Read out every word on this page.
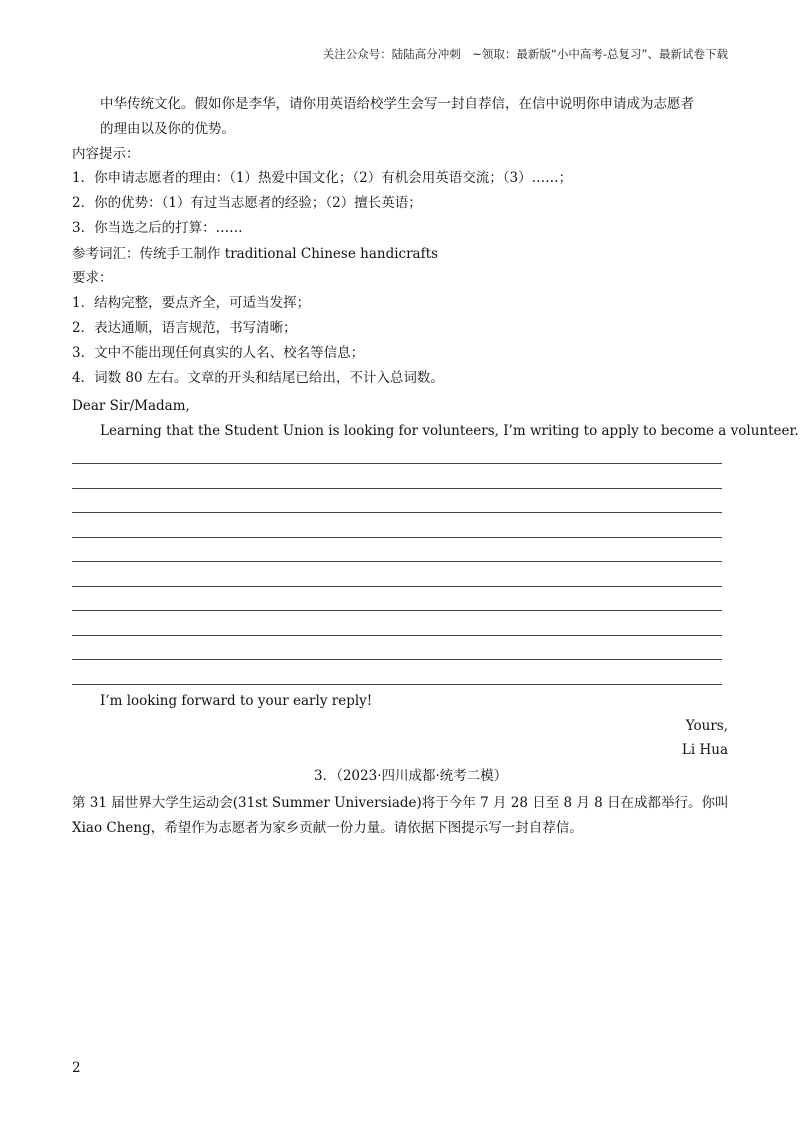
关注公众号：陆陆高分冲刺　~领取：最新版“小中高考-总复习”、最新试卷下载
中华传统文化。假如你是李华，请你用英语给校学生会写一封自荐信，在信中说明你申请成为志愿者
的理由以及你的优势。
内容提示：
1．你申请志愿者的理由：（1）热爱中国文化；（2）有机会用英语交流；（3）……；
2．你的优势：（1）有过当志愿者的经验；（2）擅长英语；
3．你当选之后的打算：……
参考词汇：传统手工制作 traditional Chinese handicrafts
要求：
1．结构完整，要点齐全，可适当发挥；
2．表达通顺，语言规范，书写清晰；
3．文中不能出现任何真实的人名、校名等信息；
4．词数 80 左右。文章的开头和结尾已给出，不计入总词数。
Dear Sir/Madam,
Learning that the Student Union is looking for volunteers, I’m writing to apply to become a volunteer.
I’m looking forward to your early reply!
Yours,
Li Hua
3．（2023·四川成都·统考二模）
第 31 届世界大学生运动会(31st Summer Universiade)将于今年 7 月 28 日至 8 月 8 日在成都举行。你叫
Xiao Cheng，希望作为志愿者为家乡贡献一份力量。请依据下图提示写一封自荐信。
2
